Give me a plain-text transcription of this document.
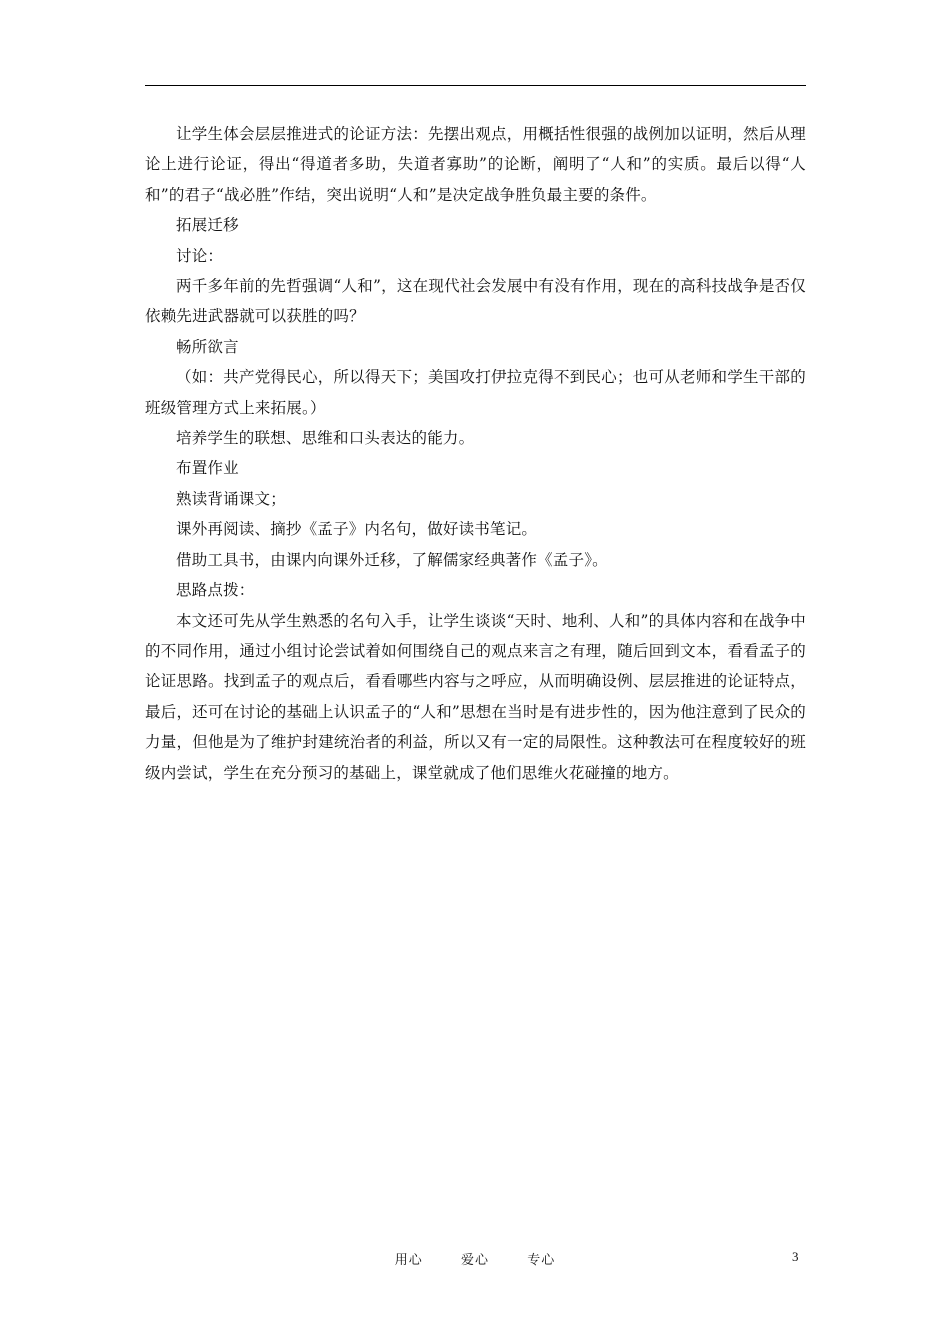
让学生体会层层推进式的论证方法：先摆出观点，用概括性很强的战例加以证明，然后从理论上进行论证，得出“得道者多助，失道者寡助”的论断，阐明了“人和”的实质。最后以得“人和”的君子“战必胜”作结，突出说明“人和”是决定战争胜负最主要的条件。

拓展迁移

讨论：

两千多年前的先哲强调“人和”，这在现代社会发展中有没有作用，现在的高科技战争是否仅依赖先进武器就可以获胜的吗？

畅所欲言

（如：共产党得民心，所以得天下；美国攻打伊拉克得不到民心；也可从老师和学生干部的班级管理方式上来拓展。）

培养学生的联想、思维和口头表达的能力。

布置作业

熟读背诵课文；

课外再阅读、摘抄《孟子》内名句，做好读书笔记。

借助工具书，由课内向课外迁移，了解儒家经典著作《孟子》。

思路点拨：

本文还可先从学生熟悉的名句入手，让学生谈谈“天时、地利、人和”的具体内容和在战争中的不同作用，通过小组讨论尝试着如何围绕自己的观点来言之有理，随后回到文本，看看孟子的论证思路。找到孟子的观点后，看看哪些内容与之呼应，从而明确设例、层层推进的论证特点，最后，还可在讨论的基础上认识孟子的“人和”思想在当时是有进步性的，因为他注意到了民众的力量，但他是为了维护封建统治者的利益，所以又有一定的局限性。这种教法可在程度较好的班级内尝试，学生在充分预习的基础上，课堂就成了他们思维火花碰撞的地方。

用心  爱心  专心	3
